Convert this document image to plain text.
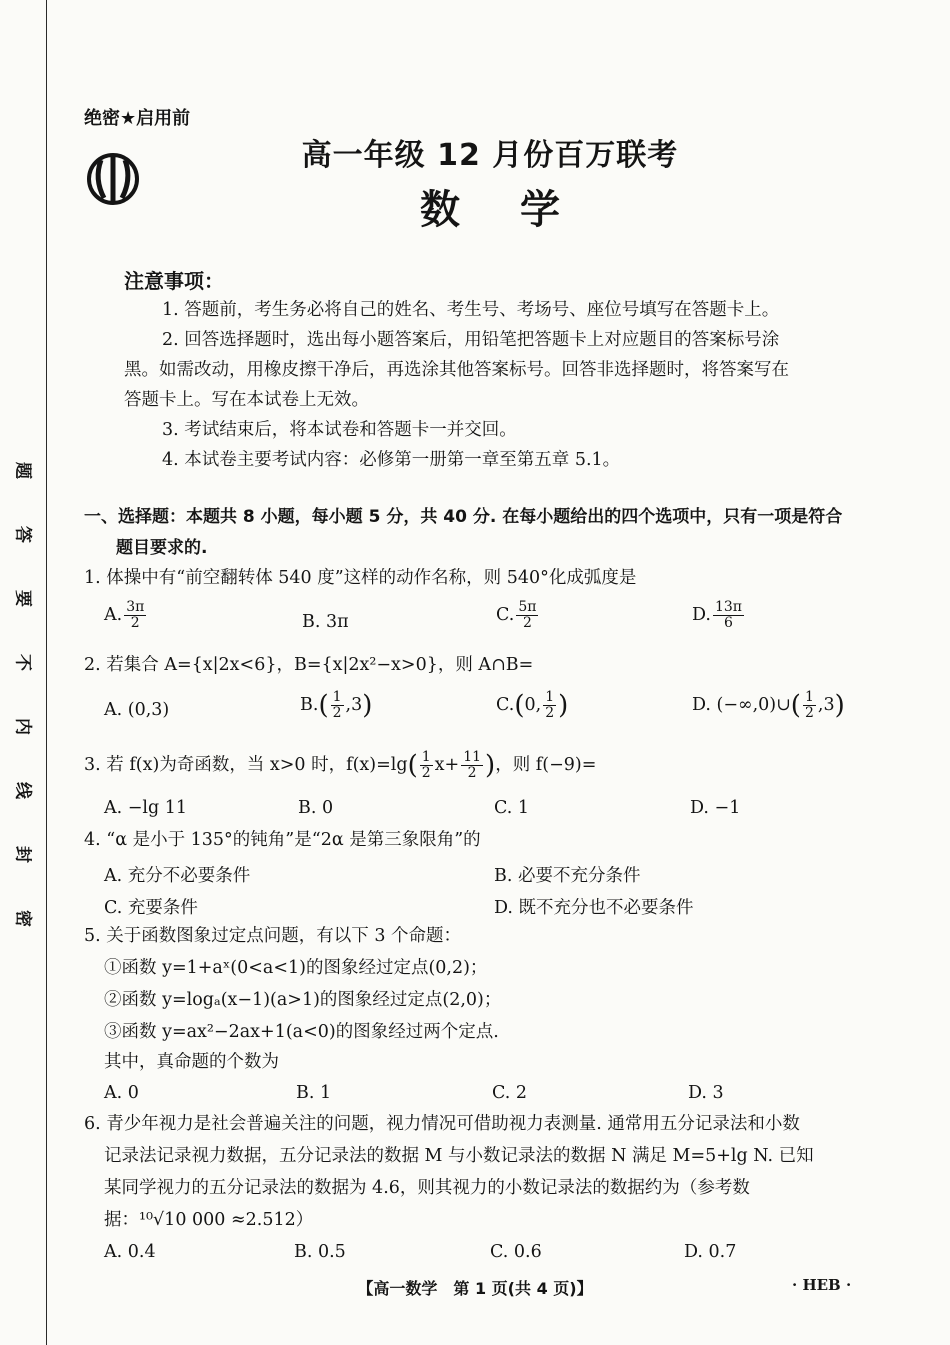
题
答
要
不
内
线
封
密
绝密★启用前
高一年级 12 月份百万联考
数学
注意事项：
1. 答题前，考生务必将自己的姓名、考生号、考场号、座位号填写在答题卡上。
2. 回答选择题时，选出每小题答案后，用铅笔把答题卡上对应题目的答案标号涂
黑。如需改动，用橡皮擦干净后，再选涂其他答案标号。回答非选择题时，将答案写在
答题卡上。写在本试卷上无效。
3. 考试结束后，将本试卷和答题卡一并交回。
4. 本试卷主要考试内容：必修第一册第一章至第五章 5.1。
一、选择题：本题共 8 小题，每小题 5 分，共 40 分. 在每小题给出的四个选项中，只有一项是符合
题目要求的.
1. 体操中有“前空翻转体 540 度”这样的动作名称，则 540°化成弧度是
A. $\frac{3\pi}{2}$	B. 3π	C. $\frac{5\pi}{2}$	D. $\frac{13\pi}{6}$
2. 若集合 A={x|2x<6}，B={x|2x²−x>0}，则 A∩B=
A. (0,3)	$B.( \frac{1}{2} ,3)$	C.(0, $\frac{1}{2}$ )	D. (−∞,0)∪( $\frac{1}{2} ,3$)
3. 若 f(x)为奇函数，当 x>0 时，$f(x)=\lg( \frac{1}{2} x+ \frac{11}{2}$ )，则 f(−9)=
A. −lg 11	B. 0	C. 1	D. −1
4. “α 是小于 135°的钝角”是“2α 是第三象限角”的
A. 充分不必要条件	B. 必要不充分条件
C. 充要条件	D. 既不充分也不必要条件
5. 关于函数图象过定点问题，有以下 3 个命题：
①函数 y=1+aˣ(0<a<1)的图象经过定点(0,2)；
②函数 y=logₐ(x−1)(a>1)的图象经过定点(2,0)；
③函数 y=ax²−2ax+1(a<0)的图象经过两个定点.
其中，真命题的个数为
A. 0	B. 1	C. 2	D. 3
6. 青少年视力是社会普遍关注的问题，视力情况可借助视力表测量. 通常用五分记录法和小数
记录法记录视力数据，五分记录法的数据 M 与小数记录法的数据 N 满足 M=5+lg N. 已知
某同学视力的五分记录法的数据为 4.6，则其视力的小数记录法的数据约为（参考数
据：¹⁰√10 000 ≈2.512）
A. 0.4	B. 0.5	C. 0.6	D. 0.7
【高一数学　第 1 页(共 4 页)】	· HEB ·
